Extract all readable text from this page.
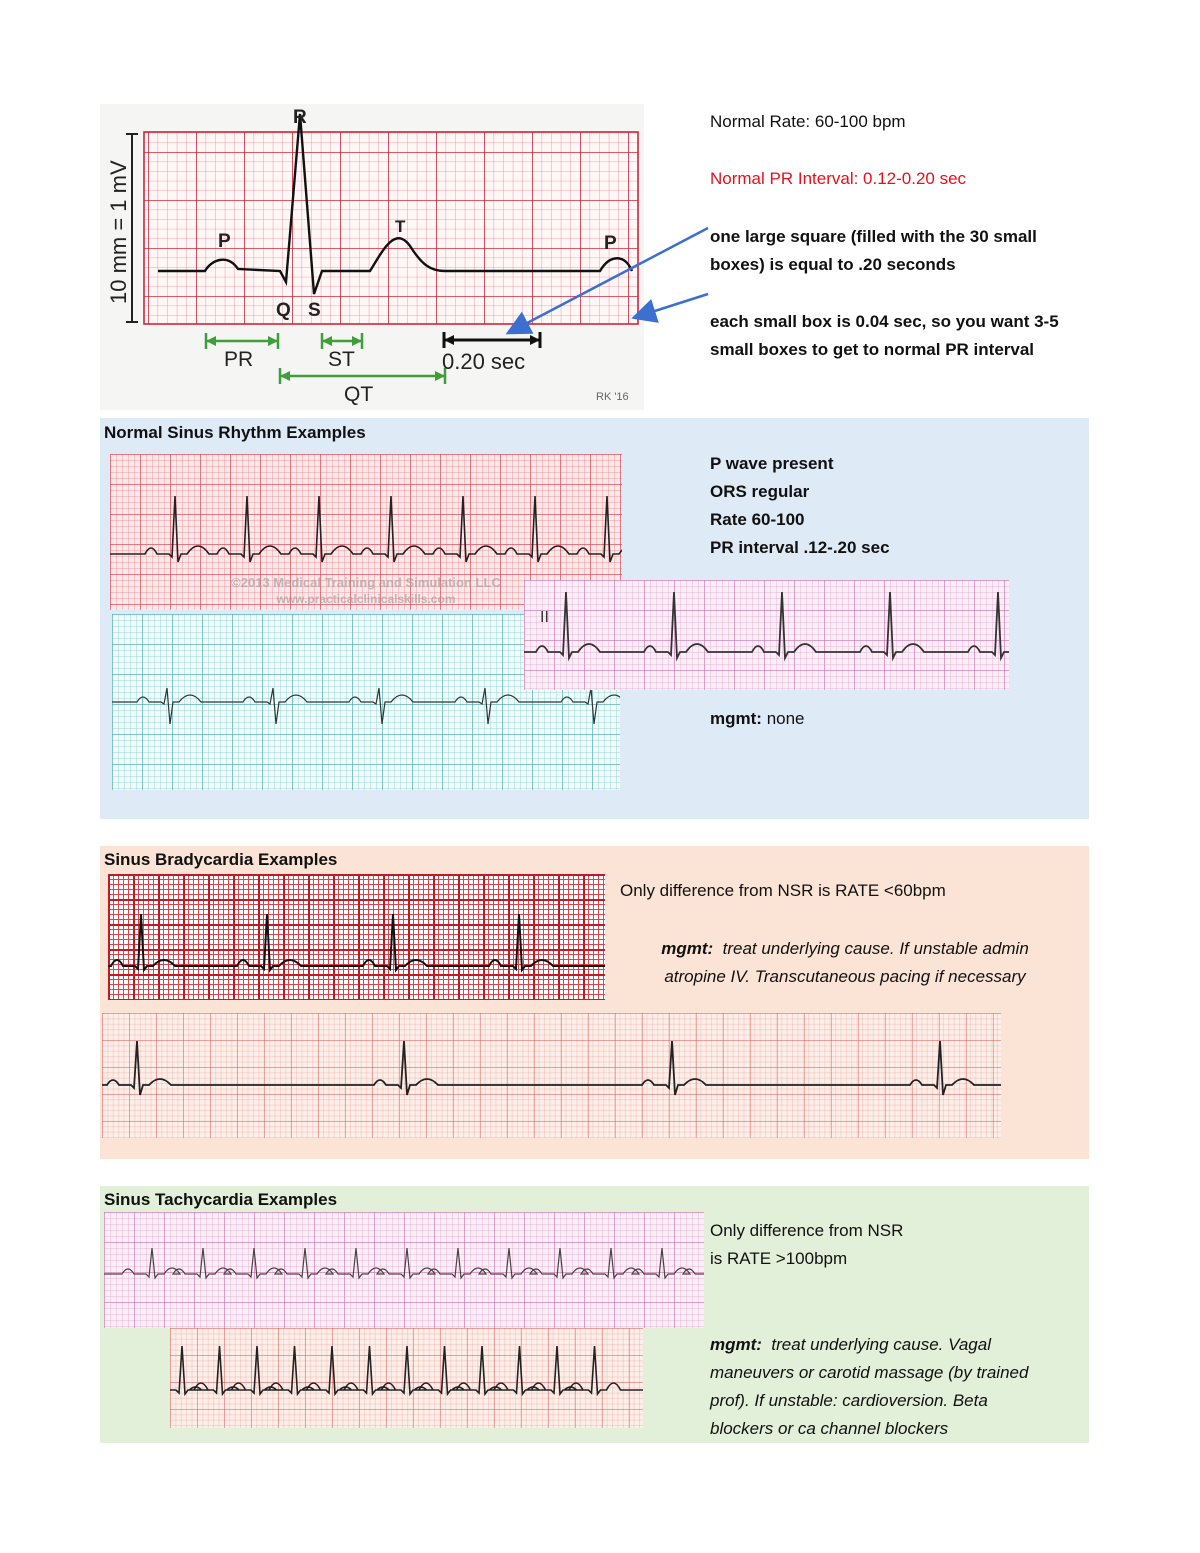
10 mm = 1 mV	P
Q
R
S
T
P
PR	ST
QT
0.20 sec
RK '16
Normal Rate: 60-100 bpm
Normal PR Interval: 0.12-0.20 sec
one large square (filled with the 30 small boxes) is equal to .20 seconds
each small box is 0.04 sec, so you want 3-5 small boxes to get to normal PR interval
Normal Sinus Rhythm Examples
©2013 Medical Training and Simulation LLC
www.practicalclinicalskills.com
II
P wave present
ORS regular
Rate 60-100
PR interval .12-.20 sec
mgmt: none
Sinus Bradycardia Examples
Only difference from NSR is RATE <60bpm
mgmt: treat underlying cause. If unstable admin
atropine IV. Transcutaneous pacing if necessary
Sinus Tachycardia Examples
Only difference from NSR
is RATE >100bpm
mgmt: treat underlying cause. Vagal
maneuvers or carotid massage (by trained
prof). If unstable: cardioversion. Beta
blockers or ca channel blockers
